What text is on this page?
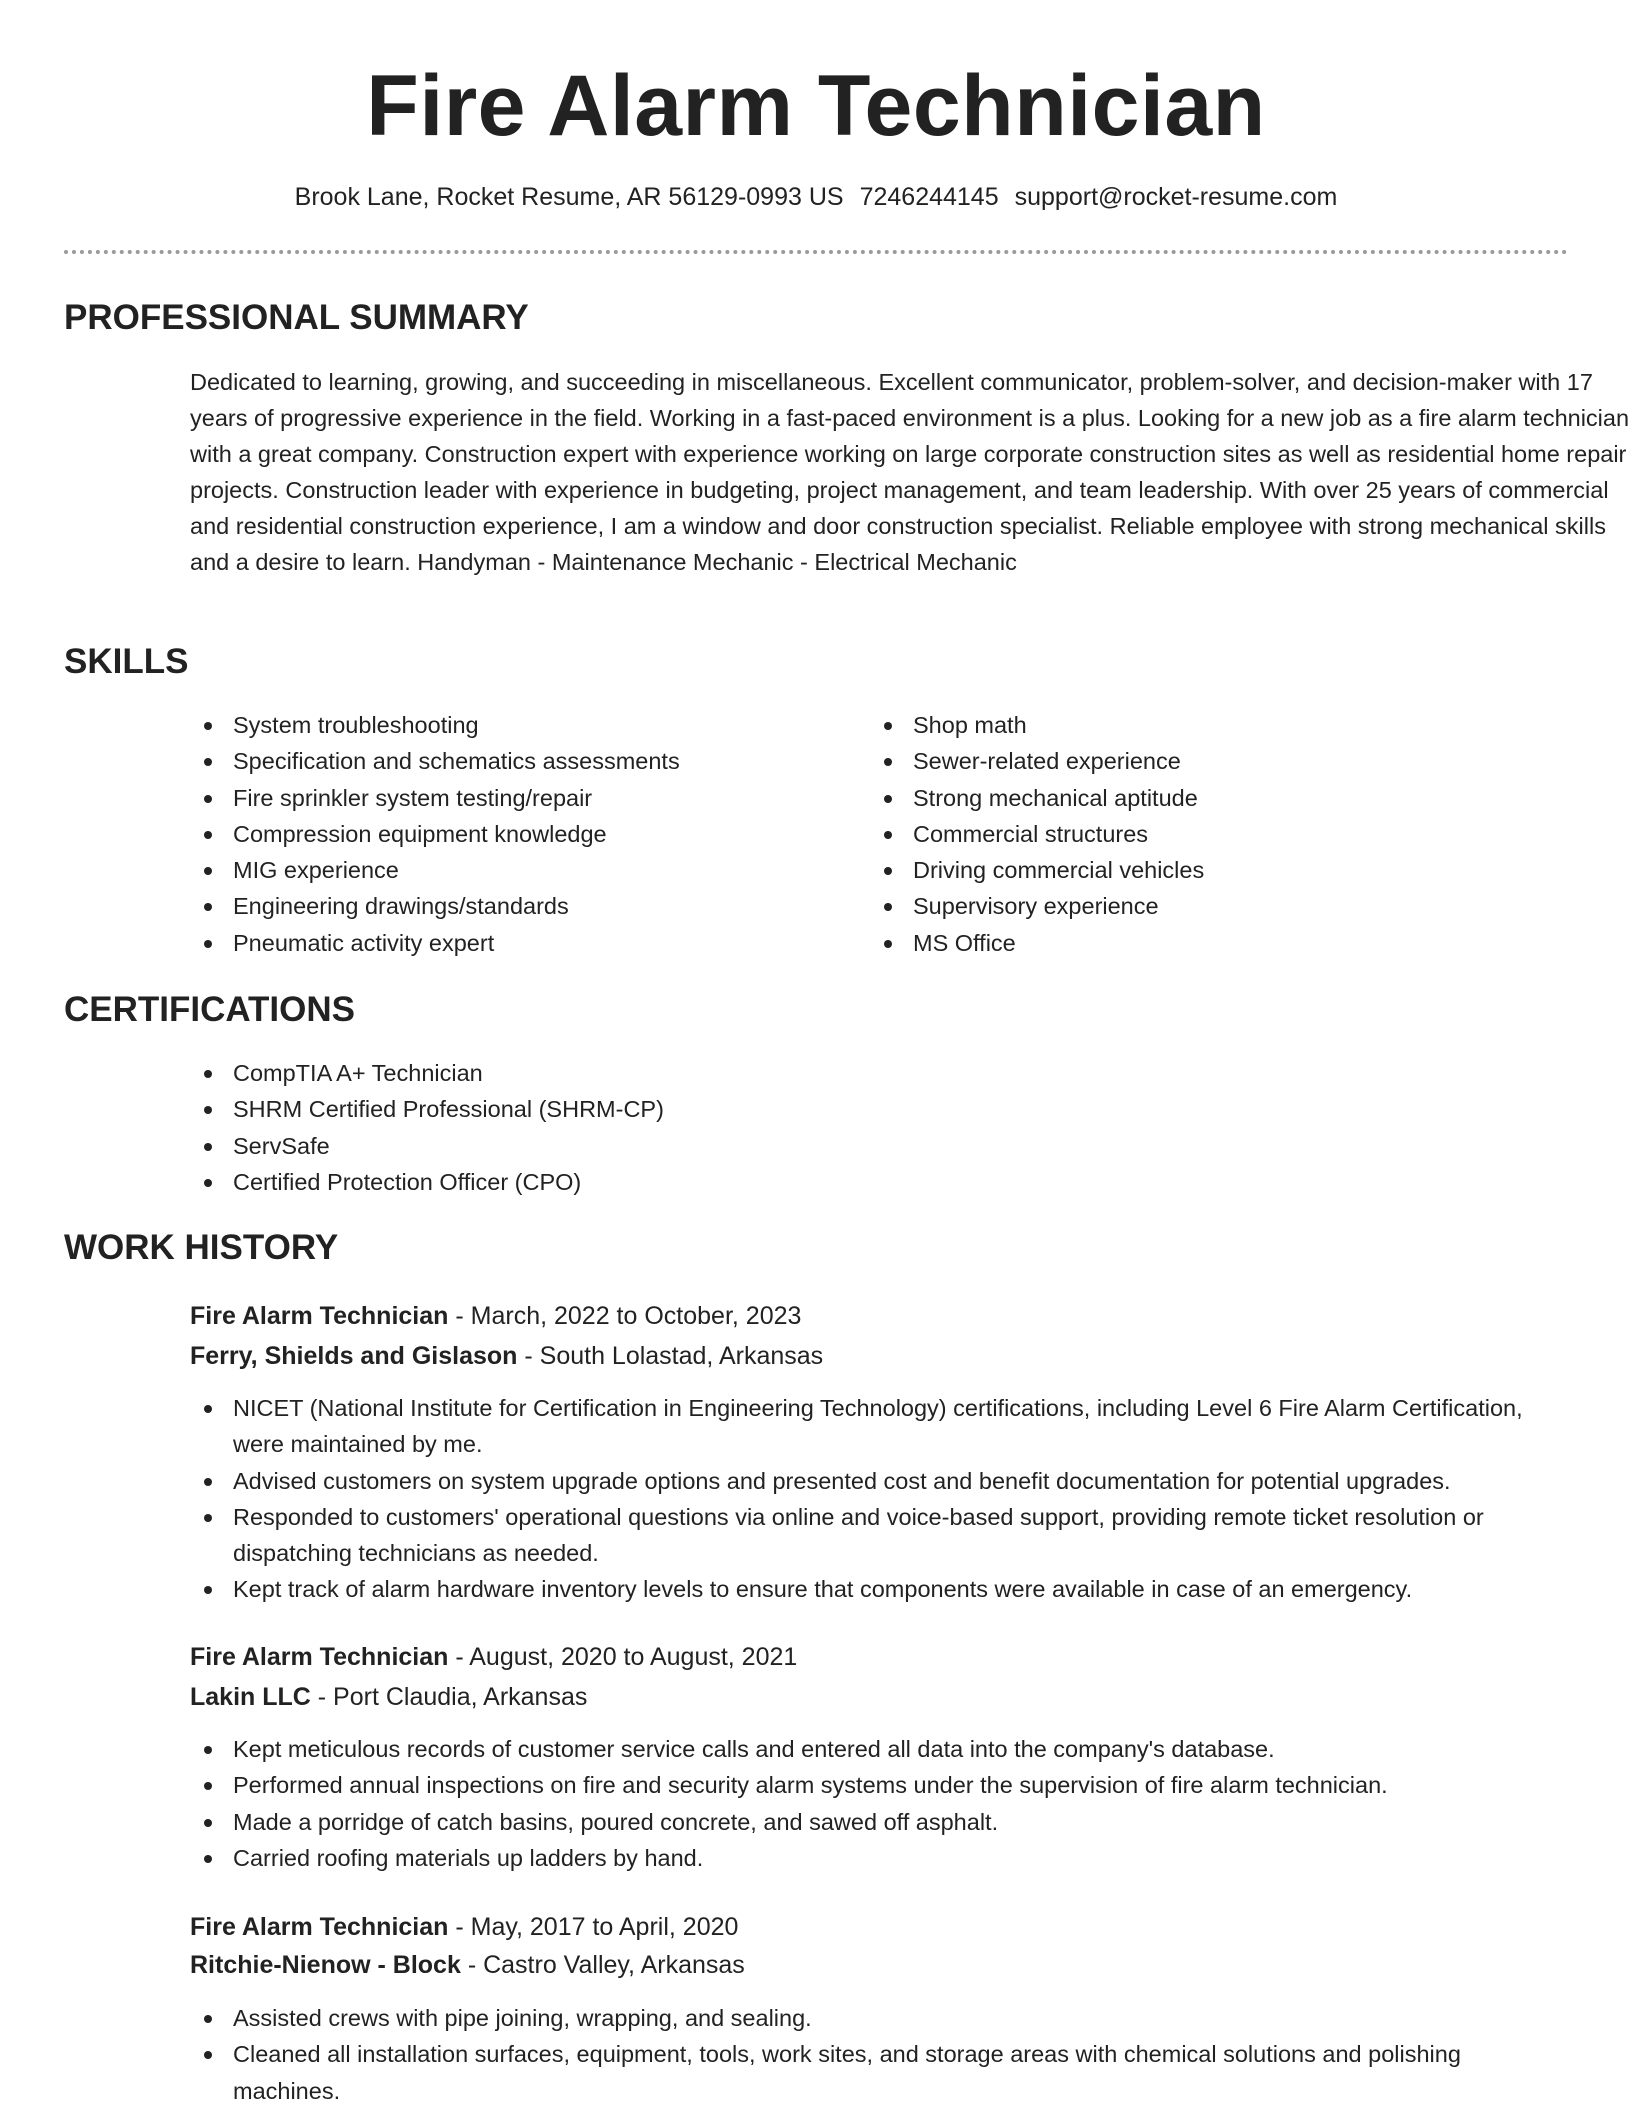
Fire Alarm Technician
Brook Lane, Rocket Resume, AR 56129-0993 US 7246244145 support@rocket-resume.com
PROFESSIONAL SUMMARY

Dedicated to learning, growing, and succeeding in miscellaneous. Excellent communicator, problem-solver, and decision-maker with 17 years of progressive experience in the field. Working in a fast-paced environment is a plus. Looking for a new job as a fire alarm technician with a great company. Construction expert with experience working on large corporate construction sites as well as residential home repair projects. Construction leader with experience in budgeting, project management, and team leadership. With over 25 years of commercial and residential construction experience, I am a window and door construction specialist. Reliable employee with strong mechanical skills and a desire to learn. Handyman - Maintenance Mechanic - Electrical Mechanic

SKILLS
System troubleshooting
Specification and schematics assessments
Fire sprinkler system testing/repair
Compression equipment knowledge
MIG experience
Engineering drawings/standards
Pneumatic activity expert
Shop math
Sewer-related experience
Strong mechanical aptitude
Commercial structures
Driving commercial vehicles
Supervisory experience
MS Office
CERTIFICATIONS
CompTIA A+ Technician
SHRM Certified Professional (SHRM-CP)
ServSafe
Certified Protection Officer (CPO)
WORK HISTORY
Fire Alarm Technician - March, 2022 to October, 2023
Ferry, Shields and Gislason - South Lolastad, Arkansas
NICET (National Institute for Certification in Engineering Technology) certifications, including Level 6 Fire Alarm Certification, were maintained by me.
Advised customers on system upgrade options and presented cost and benefit documentation for potential upgrades.
Responded to customers' operational questions via online and voice-based support, providing remote ticket resolution or dispatching technicians as needed.
Kept track of alarm hardware inventory levels to ensure that components were available in case of an emergency.
Fire Alarm Technician - August, 2020 to August, 2021
Lakin LLC - Port Claudia, Arkansas
Kept meticulous records of customer service calls and entered all data into the company's database.
Performed annual inspections on fire and security alarm systems under the supervision of fire alarm technician.
Made a porridge of catch basins, poured concrete, and sawed off asphalt.
Carried roofing materials up ladders by hand.
Fire Alarm Technician - May, 2017 to April, 2020
Ritchie-Nienow - Block - Castro Valley, Arkansas
Assisted crews with pipe joining, wrapping, and sealing.
Cleaned all installation surfaces, equipment, tools, work sites, and storage areas with chemical solutions and polishing machines.
